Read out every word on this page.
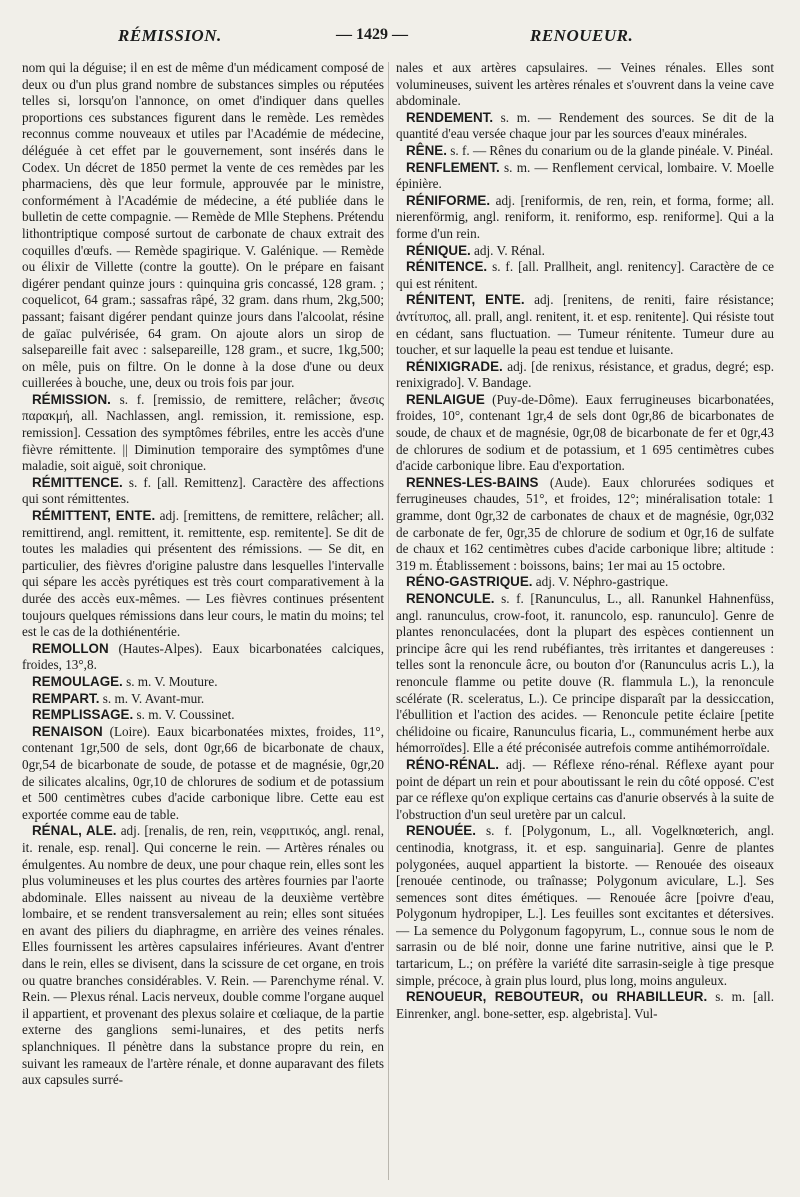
RÉMISSION.	— 1429 —	RENOUEUR.

nom qui la déguise; il en est de même d'un médicament composé de deux ou d'un plus grand nombre de substances simples ou réputées telles si, lorsqu'on l'annonce, on omet d'indiquer dans quelles proportions ces substances figurent dans le remède. Les remèdes reconnus comme nouveaux et utiles par l'Académie de médecine, déléguée à cet effet par le gouvernement, sont insérés dans le Codex. Un décret de 1850 permet la vente de ces remèdes par les pharmaciens, dès que leur formule, approuvée par le ministre, conformément à l'Académie de médecine, a été publiée dans le bulletin de cette compagnie. — Remède de Mlle Stephens. Prétendu lithontriptique composé surtout de carbonate de chaux extrait des coquilles d'œufs. — Remède spagirique. V. Galénique. — Remède ou élixir de Villette (contre la goutte). On le prépare en faisant digérer pendant quinze jours : quinquina gris concassé, 128 gram. ; coquelicot, 64 gram.; sassafras râpé, 32 gram. dans rhum, 2kg,500; passant; faisant digérer pendant quinze jours dans l'alcoolat, résine de gaïac pulvérisée, 64 gram. On ajoute alors un sirop de salsepareille fait avec : salsepareille, 128 gram., et sucre, 1kg,500; on mêle, puis on filtre. On le donne à la dose d'une ou deux cuillerées à bouche, une, deux ou trois fois par jour.

RÉMISSION. s. f. [remissio, de remittere, relâcher; ἄνεσις παρακμή, all. Nachlassen, angl. remission, it. remissione, esp. remission]. Cessation des symptômes fébriles, entre les accès d'une fièvre rémittente. || Diminution temporaire des symptômes d'une maladie, soit aiguë, soit chronique.

RÉMITTENCE. s. f. [all. Remittenz]. Caractère des affections qui sont rémittentes.

RÉMITTENT, ENTE. adj. [remittens, de remittere, relâcher; all. remittirend, angl. remittent, it. remittente, esp. remitente]. Se dit de toutes les maladies qui présentent des rémissions. — Se dit, en particulier, des fièvres d'origine palustre dans lesquelles l'intervalle qui sépare les accès pyrétiques est très court comparativement à la durée des accès eux-mêmes. — Les fièvres continues présentent toujours quelques rémissions dans leur cours, le matin du moins; tel est le cas de la dothiénentérie.

REMOLLON (Hautes-Alpes). Eaux bicarbonatées calciques, froides, 13°,8.

REMOULAGE. s. m. V. Mouture.

REMPART. s. m. V. Avant-mur.

REMPLISSAGE. s. m. V. Coussinet.

RENAISON (Loire). Eaux bicarbonatées mixtes, froides, 11°, contenant 1gr,500 de sels, dont 0gr,66 de bicarbonate de chaux, 0gr,54 de bicarbonate de soude, de potasse et de magnésie, 0gr,20 de silicates alcalins, 0gr,10 de chlorures de sodium et de potassium et 500 centimètres cubes d'acide carbonique libre. Cette eau est exportée comme eau de table.

RÉNAL, ALE. adj. [renalis, de ren, rein, νεφριτικός, angl. renal, it. renale, esp. renal]. Qui concerne le rein. — Artères rénales ou émulgentes. Au nombre de deux, une pour chaque rein, elles sont les plus volumineuses et les plus courtes des artères fournies par l'aorte abdominale. Elles naissent au niveau de la deuxième vertèbre lombaire, et se rendent transversalement au rein; elles sont situées en avant des piliers du diaphragme, en arrière des veines rénales. Elles fournissent les artères capsulaires inférieures. Avant d'entrer dans le rein, elles se divisent, dans la scissure de cet organe, en trois ou quatre branches considérables. V. Rein. — Parenchyme rénal. V. Rein. — Plexus rénal. Lacis nerveux, double comme l'organe auquel il appartient, et provenant des plexus solaire et cœliaque, de la partie externe des ganglions semi-lunaires, et des petits nerfs splanchniques. Il pénètre dans la substance propre du rein, en suivant les rameaux de l'artère rénale, et donne auparavant des filets aux capsules surré-

nales et aux artères capsulaires. — Veines rénales. Elles sont volumineuses, suivent les artères rénales et s'ouvrent dans la veine cave abdominale.

RENDEMENT. s. m. — Rendement des sources. Se dit de la quantité d'eau versée chaque jour par les sources d'eaux minérales.

RÊNE. s. f. — Rênes du conarium ou de la glande pinéale. V. Pinéal.

RENFLEMENT. s. m. — Renflement cervical, lombaire. V. Moelle épinière.

RÉNIFORME. adj. [reniformis, de ren, rein, et forma, forme; all. nierenförmig, angl. reniform, it. reniformo, esp. reniforme]. Qui a la forme d'un rein.

RÉNIQUE. adj. V. Rénal.

RÉNITENCE. s. f. [all. Prallheit, angl. renitency]. Caractère de ce qui est rénitent.

RÉNITENT, ENTE. adj. [renitens, de reniti, faire résistance; ἀντίτυπος, all. prall, angl. renitent, it. et esp. renitente]. Qui résiste tout en cédant, sans fluctuation. — Tumeur rénitente. Tumeur dure au toucher, et sur laquelle la peau est tendue et luisante.

RÉNIXIGRADE. adj. [de renixus, résistance, et gradus, degré; esp. renixigrado]. V. Bandage.

RENLAIGUE (Puy-de-Dôme). Eaux ferrugineuses bicarbonatées, froides, 10°, contenant 1gr,4 de sels dont 0gr,86 de bicarbonates de soude, de chaux et de magnésie, 0gr,08 de bicarbonate de fer et 0gr,43 de chlorures de sodium et de potassium, et 1 695 centimètres cubes d'acide carbonique libre. Eau d'exportation.

RENNES-LES-BAINS (Aude). Eaux chlorurées sodiques et ferrugineuses chaudes, 51°, et froides, 12°; minéralisation totale: 1 gramme, dont 0gr,32 de carbonates de chaux et de magnésie, 0gr,032 de carbonate de fer, 0gr,35 de chlorure de sodium et 0gr,16 de sulfate de chaux et 162 centimètres cubes d'acide carbonique libre; altitude : 319 m. Établissement : boissons, bains; 1er mai au 15 octobre.

RÉNO-GASTRIQUE. adj. V. Néphro-gastrique.

RENONCULE. s. f. [Ranunculus, L., all. Ranunkel Hahnenfüss, angl. ranunculus, crow-foot, it. ranuncolo, esp. ranunculo]. Genre de plantes renonculacées, dont la plupart des espèces contiennent un principe âcre qui les rend rubéfiantes, très irritantes et dangereuses : telles sont la renoncule âcre, ou bouton d'or (Ranunculus acris L.), la renoncule flamme ou petite douve (R. flammula L.), la renoncule scélérate (R. sceleratus, L.). Ce principe disparaît par la dessiccation, l'ébullition et l'action des acides. — Renoncule petite éclaire [petite chélidoine ou ficaire, Ranunculus ficaria, L., communément herbe aux hémorroïdes]. Elle a été préconisée autrefois comme antihémorroïdale.

RÉNO-RÉNAL. adj. — Réflexe réno-rénal. Réflexe ayant pour point de départ un rein et pour aboutissant le rein du côté opposé. C'est par ce réflexe qu'on explique certains cas d'anurie observés à la suite de l'obstruction d'un seul uretère par un calcul.

RENOUÉE. s. f. [Polygonum, L., all. Vogelknœterich, angl. centinodia, knotgrass, it. et esp. sanguinaria]. Genre de plantes polygonées, auquel appartient la bistorte. — Renouée des oiseaux [renouée centinode, ou traînasse; Polygonum aviculare, L.]. Ses semences sont dites émétiques. — Renouée âcre [poivre d'eau, Polygonum hydropiper, L.]. Les feuilles sont excitantes et détersives. — La semence du Polygonum fagopyrum, L., connue sous le nom de sarrasin ou de blé noir, donne une farine nutritive, ainsi que le P. tartaricum, L.; on préfère la variété dite sarrasin-seigle à tige presque simple, précoce, à grain plus lourd, plus long, moins anguleux.

RENOUEUR, REBOUTEUR, ou RHABILLEUR. s. m. [all. Einrenker, angl. bone-setter, esp. algebrista]. Vul-
